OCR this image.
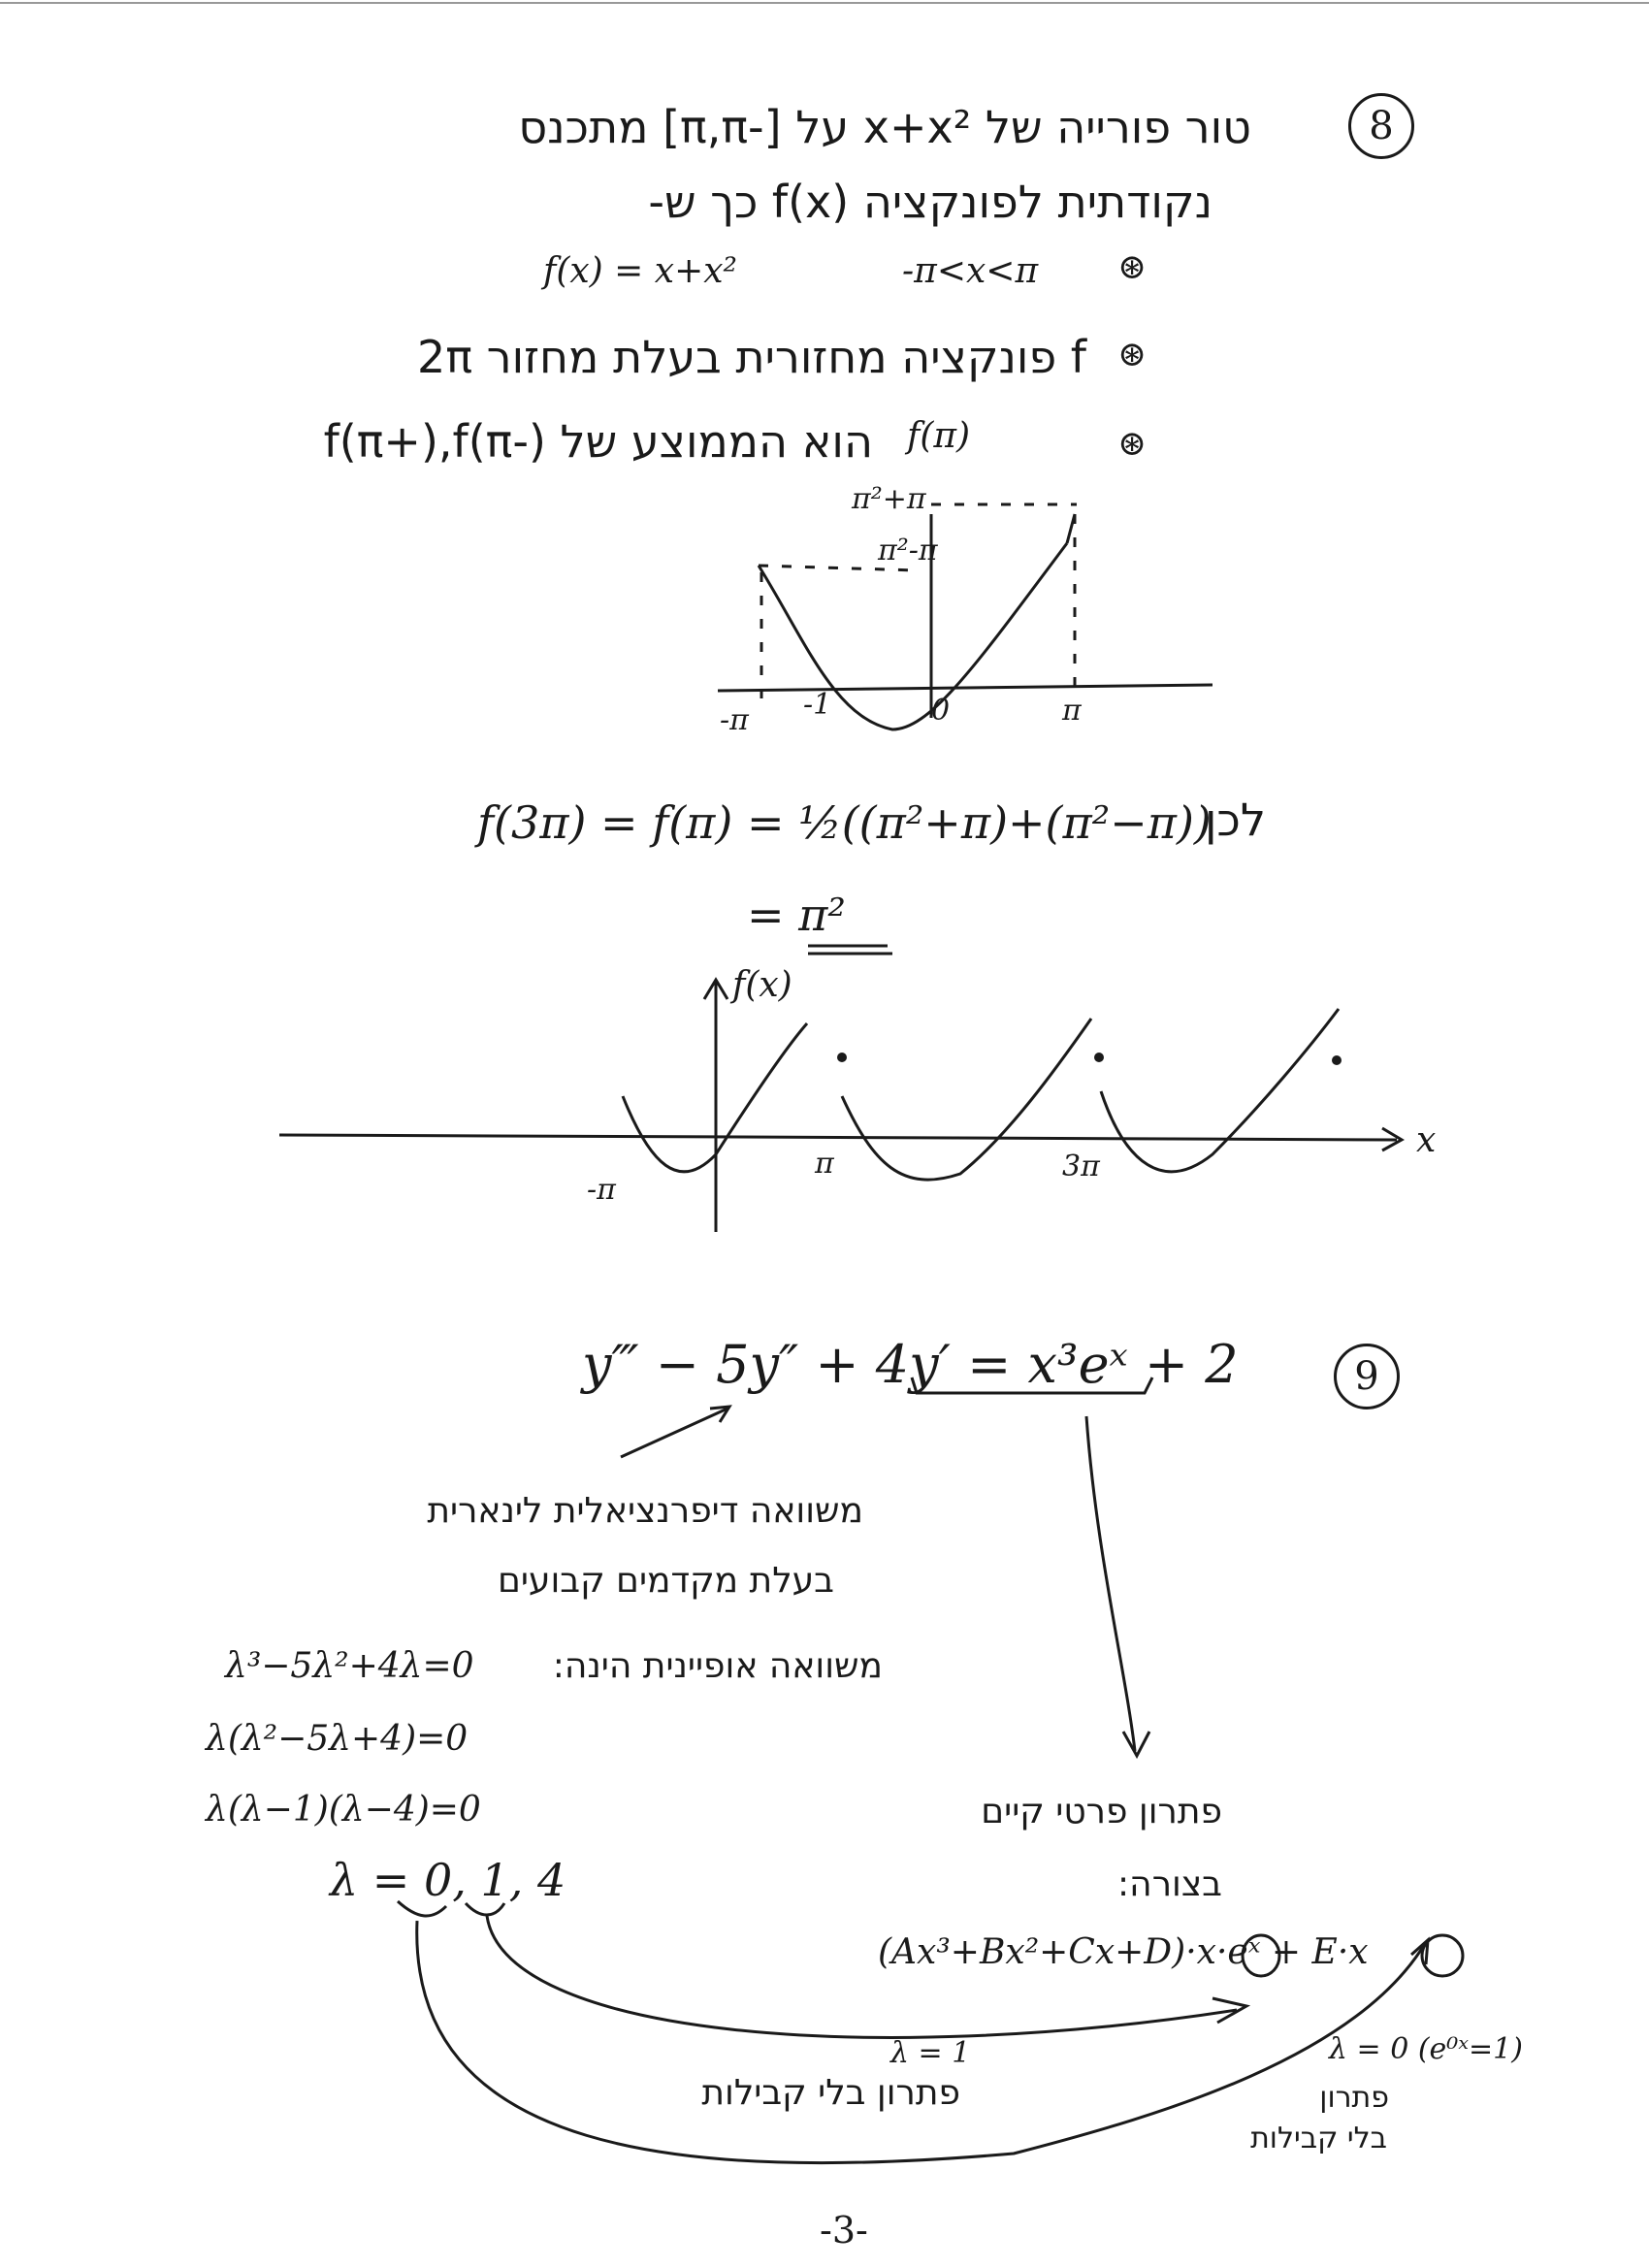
8
טור פורייה של x+x² על [-π,π] מתכנס
נקודתית לפונקציה f(x) כך ש-
⊛
f(x) = x+x²	-π<x<π
⊛
f פונקציה מחזורית בעלת מחזור 2π
⊛
f(π)
הוא הממוצע של f(π+),f(π-)
π²+π
π²-π
-π -1	0	π
לכן
f(3π) = f(π) = ½((π²+π)+(π²−π))
= π²
f(x)
x
-π
π	3π
9
y‴ − 5y″ + 4y′ = x³eˣ + 2
משוואה דיפרנציאלית לינארית
בעלת מקדמים קבועים
משוואה אופיינית הינה:
λ³−5λ²+4λ=0
λ(λ²−5λ+4)=0
λ(λ−1)(λ−4)=0
λ = 0, 1, 4
פתרון פרטי קיים
בצורה:
(Ax³+Bx²+Cx+D)·x·eˣ + E·x
λ = 1
פתרון בלי קבילות
λ = 0 (e⁰ˣ=1)
פתרון
בלי קבילות
-3-
